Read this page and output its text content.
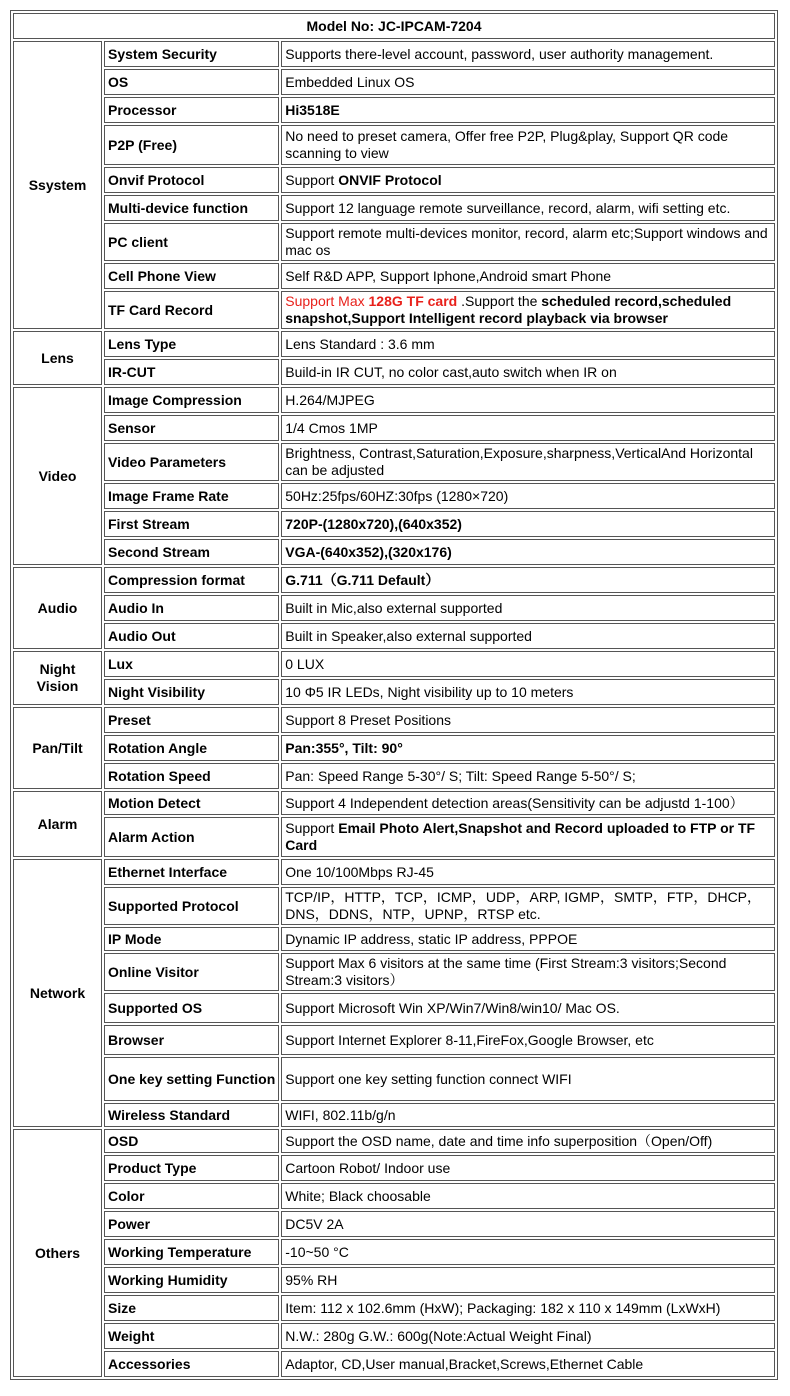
Model No: JC-IPCAM-7204		
Ssystem	System Security	Supports there-level account, password, user authority management.
	OS	Embedded Linux OS
	Processor	Hi3518E
	P2P (Free)	No need to preset camera, Offer free P2P, Plug&play, Support QR code scanning to view
	Onvif Protocol	Support ONVIF Protocol
	Multi-device function	Support 12 language remote surveillance, record, alarm, wifi setting etc.
	PC client	Support remote multi-devices monitor, record, alarm etc;Support windows and mac os
	Cell Phone View	Self R&D APP, Support Iphone,Android smart Phone
	TF Card Record	Support Max 128G TF card .Support the scheduled record,scheduled snapshot,Support Intelligent record playback via browser
Lens	Lens Type	Lens Standard : 3.6 mm
	IR-CUT	Build-in IR CUT, no color cast,auto switch when IR on
Video	Image Compression	H.264/MJPEG
	Sensor	1/4 Cmos 1MP
	Video Parameters	Brightness, Contrast,Saturation,Exposure,sharpness,VerticalAnd Horizontal can be adjusted
	Image Frame Rate	50Hz:25fps/60HZ:30fps (1280×720)
	First Stream	720P-(1280x720),(640x352)
	Second Stream	VGA-(640x352),(320x176)
Audio	Compression format	G.711（G.711 Default）
	Audio In	Built in Mic,also external supported
	Audio Out	Built in Speaker,also external supported
Night Vision	Lux	0 LUX
	Night Visibility	10 Φ5 IR LEDs, Night visibility up to 10 meters
Pan/Tilt	Preset	Support 8 Preset Positions
	Rotation Angle	Pan:355°, Tilt: 90°
	Rotation Speed	Pan: Speed Range 5-30°/ S; Tilt: Speed Range 5-50°/ S;
Alarm	Motion Detect	Support 4 Independent detection areas(Sensitivity can be adjustd 1-100）
	Alarm Action	Support Email Photo Alert,Snapshot and Record uploaded to FTP or TF Card
Network	Ethernet Interface	One 10/100Mbps RJ-45
	Supported Protocol	TCP/IP，HTTP，TCP，ICMP，UDP，ARP, IGMP，SMTP，FTP，DHCP，DNS，DDNS，NTP，UPNP，RTSP etc.
	IP Mode	Dynamic IP address, static IP address, PPPOE
	Online Visitor	Support Max 6 visitors at the same time (First Stream:3 visitors;Second Stream:3 visitors）
	Supported OS	Support Microsoft Win XP/Win7/Win8/win10/ Mac OS.
	Browser	Support Internet Explorer 8-11,FireFox,Google Browser, etc
	One key setting Function	Support one key setting function connect WIFI
	Wireless Standard	WIFI, 802.11b/g/n
Others	OSD	Support the OSD name, date and time info superposition（Open/Off)
	Product Type	Cartoon Robot/ Indoor use
	Color	White; Black choosable
	Power	DC5V 2A
	Working Temperature	-10~50 °C
	Working Humidity	95% RH
	Size	Item: 112 x 102.6mm (HxW); Packaging: 182 x 110 x 149mm (LxWxH)
	Weight	N.W.: 280g G.W.: 600g(Note:Actual Weight Final)
	Accessories	Adaptor, CD,User manual,Bracket,Screws,Ethernet Cable
